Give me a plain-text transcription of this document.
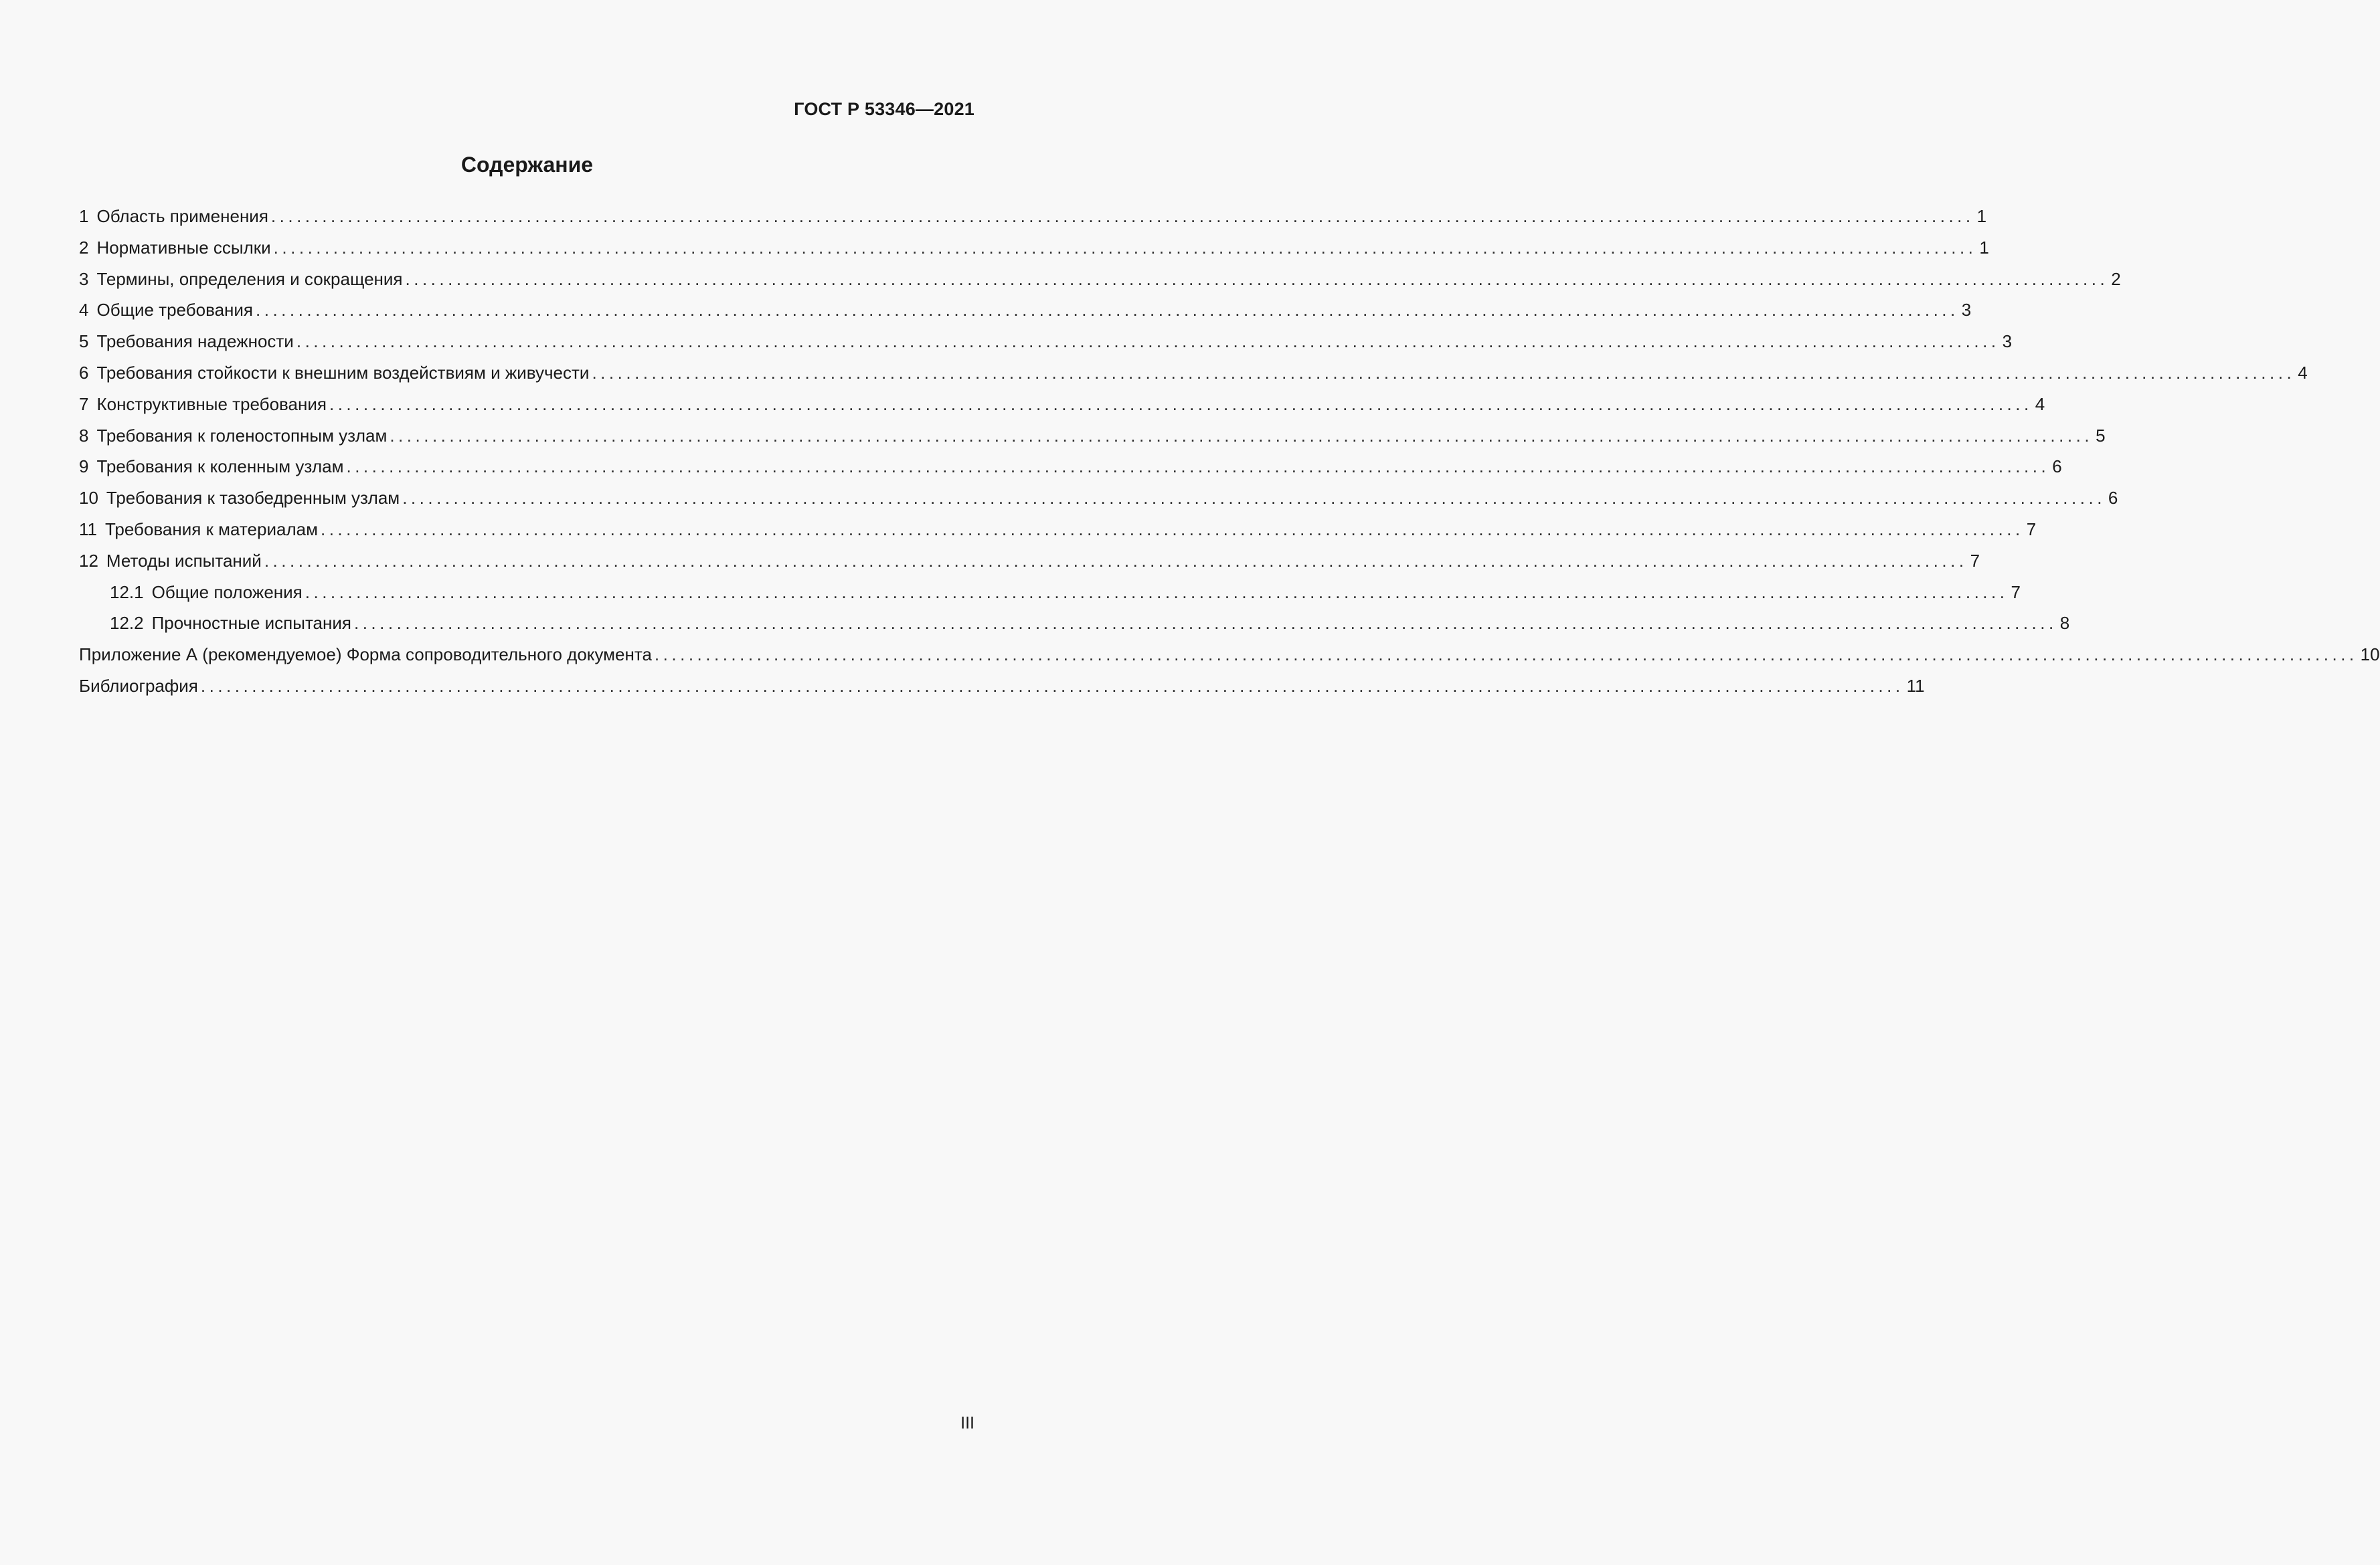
ГОСТ Р 53346—2021
Содержание
1 Область применения ........................................................................................................................................................................................................ 1
2 Нормативные ссылки ........................................................................................................................................................................................................ 1
3 Термины, определения и сокращения ........................................................................................................................................................................................................ 2
4 Общие требования ........................................................................................................................................................................................................ 3
5 Требования надежности ........................................................................................................................................................................................................ 3
6 Требования стойкости к внешним воздействиям и живучести ........................................................................................................................................................................................................ 4
7 Конструктивные требования ........................................................................................................................................................................................................ 4
8 Требования к голеностопным узлам ........................................................................................................................................................................................................ 5
9 Требования к коленным узлам ........................................................................................................................................................................................................ 6
10 Требования к тазобедренным узлам ........................................................................................................................................................................................................ 6
11 Требования к материалам ........................................................................................................................................................................................................ 7
12 Методы испытаний ........................................................................................................................................................................................................ 7
12.1 Общие положения ........................................................................................................................................................................................................ 7
12.2 Прочностные испытания ........................................................................................................................................................................................................ 8
Приложение А (рекомендуемое) Форма сопроводительного документа ........................................................................................................................................................................................................ 10
Библиография ........................................................................................................................................................................................................ 11
III
